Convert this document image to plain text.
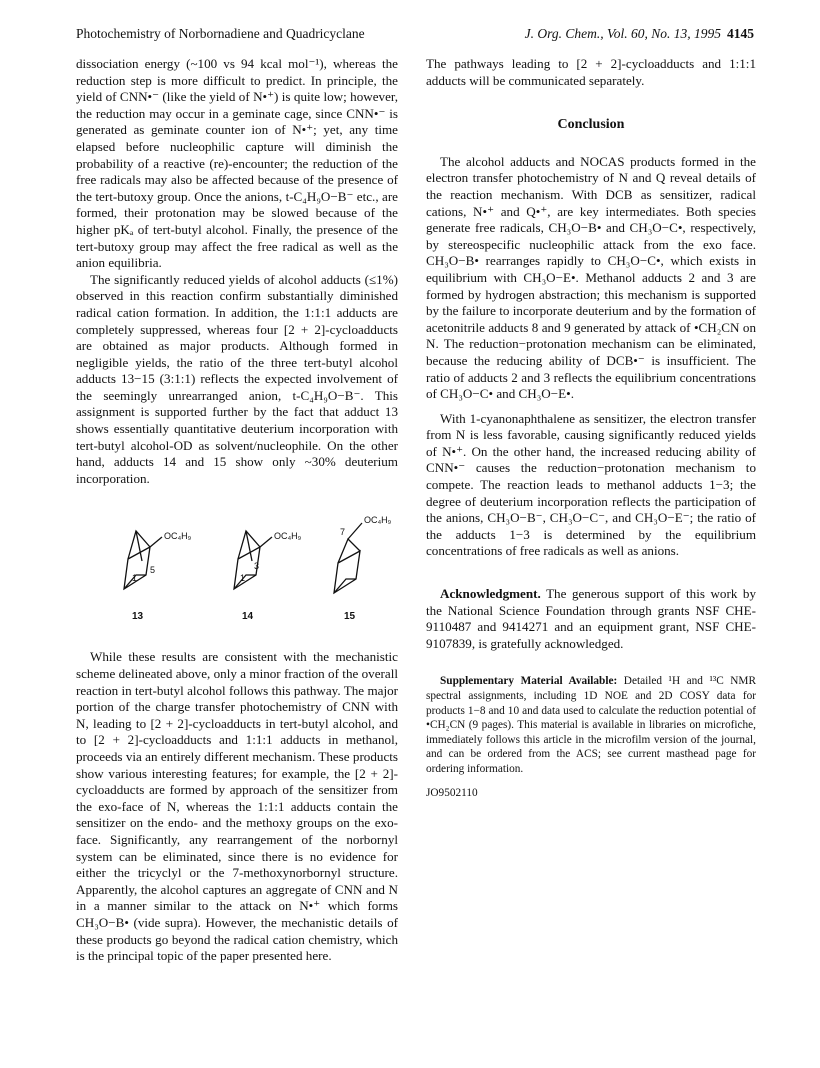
Photochemistry of Norbornadiene and Quadricyclane	J. Org. Chem., Vol. 60, No. 13, 1995 4145

dissociation energy (~100 vs 94 kcal mol⁻¹), whereas the reduction step is more difficult to predict. In principle, the yield of CNN•⁻ (like the yield of N•⁺) is quite low; however, the reduction may occur in a geminate cage, since CNN•⁻ is generated as geminate counter ion of N•⁺; yet, any time elapsed before nucleophilic capture will diminish the probability of a reactive (re)-encounter; the reduction of the free radicals may also be affected because of the presence of the tert-butoxy group. Once the anions, t-C₄H₉O−B⁻ etc., are formed, their protonation may be slowed because of the higher pKₐ of tert-butyl alcohol. Finally, the presence of the tert-butoxy group may affect the free radical as well as the anion equilibria.

The significantly reduced yields of alcohol adducts (≤1%) observed in this reaction confirm substantially diminished radical cation formation. In addition, the 1:1:1 adducts are completely suppressed, whereas four [2 + 2]-cycloadducts are obtained as major products. Although formed in negligible yields, the ratio of the three tert-butyl alcohol adducts 13−15 (3:1:1) reflects the expected involvement of the seemingly unrearranged anion, t-C₄H₉O−B⁻. This assignment is supported further by the fact that adduct 13 shows essentially quantitative deuterium incorporation with tert-butyl alcohol-OD as solvent/nucleophile. On the other hand, adducts 14 and 15 show only ~30% deuterium incorporation.

OC₄H₉
1
5
OC₄H₉
1
3
OC₄H₉
7
13	14	15

While these results are consistent with the mechanistic scheme delineated above, only a minor fraction of the overall reaction in tert-butyl alcohol follows this pathway. The major portion of the charge transfer photochemistry of CNN with N, leading to [2 + 2]-cycloadducts in tert-butyl alcohol, and to [2 + 2]-cycloadducts and 1:1:1 adducts in methanol, proceeds via an entirely different mechanism. These products show various interesting features; for example, the [2 + 2]-cycloadducts are formed by approach of the sensitizer from the exo-face of N, whereas the 1:1:1 adducts contain the sensitizer on the endo- and the methoxy groups on the exo-face. Significantly, any rearrangement of the norbornyl system can be eliminated, since there is no evidence for either the tricyclyl or the 7-methoxynorbornyl structure. Apparently, the alcohol captures an aggregate of CNN and N in a manner similar to the attack on N•⁺ which forms CH₃O−B• (vide supra). However, the mechanistic details of these products go beyond the radical cation chemistry, which is the principal topic of the paper presented here.

The pathways leading to [2 + 2]-cycloadducts and 1:1:1 adducts will be communicated separately.

Conclusion

The alcohol adducts and NOCAS products formed in the electron transfer photochemistry of N and Q reveal details of the reaction mechanism. With DCB as sensitizer, radical cations, N•⁺ and Q•⁺, are key intermediates. Both species generate free radicals, CH₃O−B• and CH₃O−C•, respectively, by stereospecific nucleophilic attack from the exo face. CH₃O−B• rearranges rapidly to CH₃O−C•, which exists in equilibrium with CH₃O−E•. Methanol adducts 2 and 3 are formed by hydrogen abstraction; this mechanism is supported by the failure to incorporate deuterium and by the formation of acetonitrile adducts 8 and 9 generated by attack of •CH₂CN on N. The reduction−protonation mechanism can be eliminated, because the reducing ability of DCB•⁻ is insufficient. The ratio of adducts 2 and 3 reflects the equilibrium concentrations of CH₃O−C• and CH₃O−E•.

With 1-cyanonaphthalene as sensitizer, the electron transfer from N is less favorable, causing significantly reduced yields of N•⁺. On the other hand, the increased reducing ability of CNN•⁻ causes the reduction−protonation mechanism to compete. The reaction leads to methanol adducts 1−3; the degree of deuterium incorporation reflects the participation of the anions, CH₃O−B⁻, CH₃O−C⁻, and CH₃O−E⁻; the ratio of the adducts 1−3 is determined by the equilibrium concentrations of free radicals as well as anions.

Acknowledgment. The generous support of this work by the National Science Foundation through grants NSF CHE-9110487 and 9414271 and an equipment grant, NSF CHE-9107839, is gratefully acknowledged.

Supplementary Material Available: Detailed ¹H and ¹³C NMR spectral assignments, including 1D NOE and 2D COSY data for products 1−8 and 10 and data used to calculate the reduction potential of •CH₂CN (9 pages). This material is available in libraries on microfiche, immediately follows this article in the microfilm version of the journal, and can be ordered from the ACS; see current masthead page for ordering information.

JO9502110
